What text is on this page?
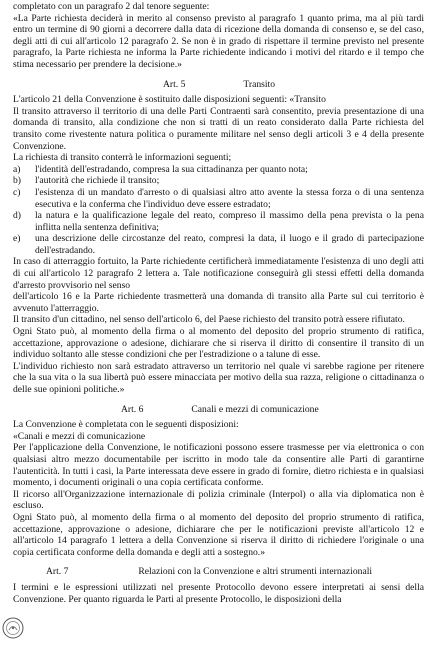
completato con un paragrafo 2 dal tenore seguente:

«La Parte richiesta deciderà in merito al consenso previsto al paragrafo 1 quanto prima, ma al più tardi entro un termine di 90 giorni a decorrere dalla data di ricezione della domanda di consenso e, se del caso, degli atti di cui all'articolo 12 paragrafo 2. Se non è in grado di rispettare il termine previsto nel presente paragrafo, la Parte richiesta ne informa la Parte richiedente indicando i motivi del ritardo e il tempo che stima necessario per prendere la decisione.»

Art. 5	Transito

L'articolo 21 della Convenzione è sostituito dalle disposizioni seguenti: «Transito

Il transito attraverso il territorio di una delle Parti Contraenti sarà consentito, previa presentazione di una domanda di transito, alla condizione che non si tratti di un reato considerato dalla Parte richiesta del transito come rivestente natura politica o puramente militare nel senso degli articoli 3 e 4 della presente Convenzione.

La richiesta di transito conterrà le informazioni seguenti;

a)	l'identità dell'estradando, compresa la sua cittadinanza per quanto nota;
b)	l'autorità che richiede il transito;
c)	l'esistenza di un mandato d'arresto o di qualsiasi altro atto avente la stessa forza o di una sentenza esecutiva e la conferma che l'individuo deve essere estradato;
d)	la natura e la qualificazione legale del reato, compreso il massimo della pena prevista o la pena inflitta nella sentenza definitiva;
e)	una descrizione delle circostanze del reato, compresi la data, il luogo e il grado di partecipazione dell'estradando.

In caso di atterraggio fortuito, la Parte richiedente certificherà immediatamente l'esistenza di uno degli atti di cui all'articolo 12 paragrafo 2 lettera a. Tale notificazione conseguirà gli stessi effetti della domanda d'arresto provvisorio nel senso

dell'articolo 16 e la Parte richiedente trasmetterà una domanda di transito alla Parte sul cui territorio è avvenuto l'atterraggio.

Il transito d'un cittadino, nel senso dell'articolo 6, del Paese richiesto del transito potrà essere rifiutato.

Ogni Stato può, al momento della firma o al momento del deposito del proprio strumento di ratifica, accettazione, approvazione o adesione, dichiarare che si riserva il diritto di consentire il transito di un individuo soltanto alle stesse condizioni che per l'estradizione o a talune di esse.

L'individuo richiesto non sarà estradato attraverso un territorio nel quale vi sarebbe ragione per ritenere che la sua vita o la sua libertà può essere minacciata per motivo della sua razza, religione o cittadinanza o delle sue opinioni politiche.»

Art. 6	Canali e mezzi di comunicazione

La Convenzione è completata con le seguenti disposizioni:

«Canali e mezzi di comunicazione

Per l'applicazione della Convenzione, le notificazioni possono essere trasmesse per via elettronica o con qualsiasi altro mezzo documentabile per iscritto in modo tale da consentire alle Parti di garantirne l'autenticità. In tutti i casi, la Parte interessata deve essere in grado di fornire, dietro richiesta e in qualsiasi momento, i documenti originali o una copia certificata conforme.

Il ricorso all'Organizzazione internazionale di polizia criminale (Interpol) o alla via diplomatica non è escluso.

Ogni Stato può, al momento della firma o al momento del deposito del proprio strumento di ratifica, accettazione, approvazione o adesione, dichiarare che per le notificazioni previste all'articolo 12 e all'articolo 14 paragrafo 1 lettera a della Convenzione si riserva il diritto di richiedere l'originale o una copia certificata conforme della domanda e degli atti a sostegno.»

Art. 7	Relazioni con la Convenzione e altri strumenti internazionali

I termini e le espressioni utilizzati nel presente Protocollo devono essere interpretati ai sensi della Convenzione. Per quanto riguarda le Parti al presente Protocollo, le disposizioni della
